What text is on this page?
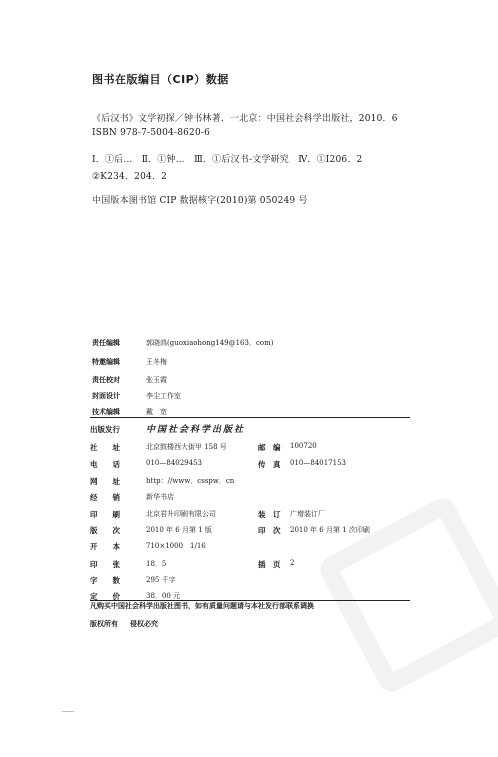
图书在版编目（CIP）数据
《后汉书》文学初探／钟书林著．一北京：中国社会科学出版社，2010．6
ISBN 978-7-5004-8620-6
Ⅰ．①后…　Ⅱ．①钟…　Ⅲ．①后汉书-文学研究　Ⅳ．①I206．2
②K234．204．2
中国版本图书馆 CIP 数据核字(2010)第 050249 号
责任编辑	郭晓鸿(guoxiaohong149@163．com)
特邀编辑	王冬梅
责任校对	张玉霞
封面设计	李尘工作室
技术编辑	戴　宽
出版发行	中国社会科学出版社
社　　址	北京鼓楼西大街甲 158 号	邮　编 100720
电　　话	010—84029453	传　真 010—84017153
网　　址	http：//www．csspw．cn
经　　销	新华书店
印　　刷	北京君升印刷有限公司	装　订 广增装订厂
版　　次	2010 年 6 月第 1 版	印　次 2010 年 6 月第 1 次印刷
开　　本	710×1000　1/16
印　　张	18．5	插　页 2
字　　数	295 千字
定　　价	38．00 元
凡购买中国社会科学出版社图书，如有质量问题请与本社发行部联系调换
版权所有 侵权必究
